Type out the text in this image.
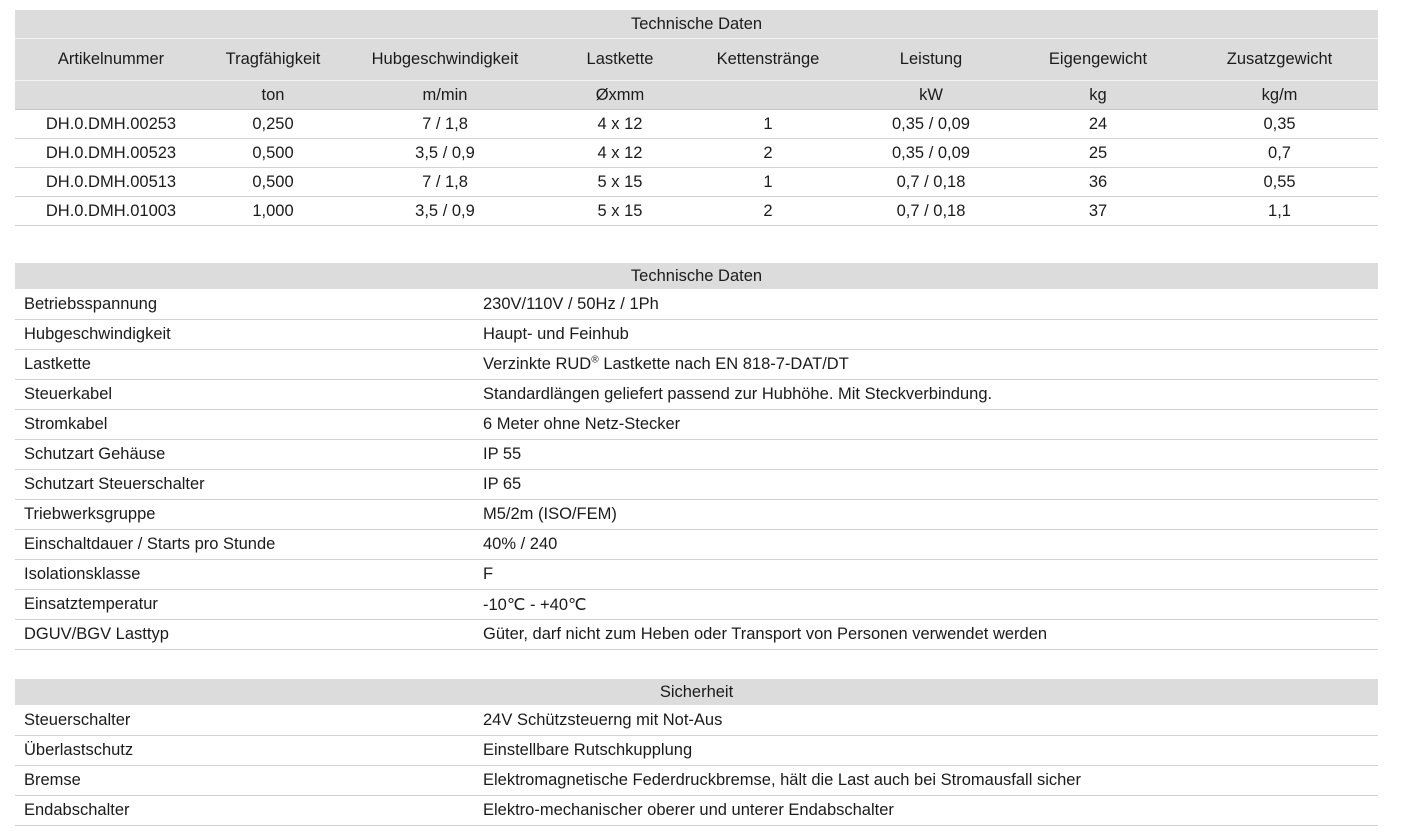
Technische Daten							
Artikelnummer	Tragfähigkeit	Hubgeschwindigkeit	Lastkette	Kettenstränge	Leistung	Eigengewicht	Zusatzgewicht
	ton	m/min	Øxmm		kW	kg	kg/m
DH.0.DMH.00253	0,250	7 / 1,8	4 x 12	1	0,35 / 0,09	24	0,35
DH.0.DMH.00523	0,500	3,5 / 0,9	4 x 12	2	0,35 / 0,09	25	0,7
DH.0.DMH.00513	0,500	7 / 1,8	5 x 15	1	0,7 / 0,18	36	0,55
DH.0.DMH.01003	1,000	3,5 / 0,9	5 x 15	2	0,7 / 0,18	37	1,1
Technische Daten	
Betriebsspannung	230V/110V / 50Hz / 1Ph
Hubgeschwindigkeit	Haupt- und Feinhub
Lastkette	Verzinkte RUD® Lastkette nach EN 818-7-DAT/DT
Steuerkabel	Standardlängen geliefert passend zur Hubhöhe. Mit Steckverbindung.
Stromkabel	6 Meter ohne Netz-Stecker
Schutzart Gehäuse	IP 55
Schutzart Steuerschalter	IP 65
Triebwerksgruppe	M5/2m (ISO/FEM)
Einschaltdauer / Starts pro Stunde	40% / 240
Isolationsklasse	F
Einsatztemperatur	-10℃ - +40℃
DGUV/BGV Lasttyp	Güter, darf nicht zum Heben oder Transport von Personen verwendet werden
Sicherheit	
Steuerschalter	24V Schützsteuerng mit Not-Aus
Überlastschutz	Einstellbare Rutschkupplung
Bremse	Elektromagnetische Federdruckbremse, hält die Last auch bei Stromausfall sicher
Endabschalter	Elektro-mechanischer oberer und unterer Endabschalter
